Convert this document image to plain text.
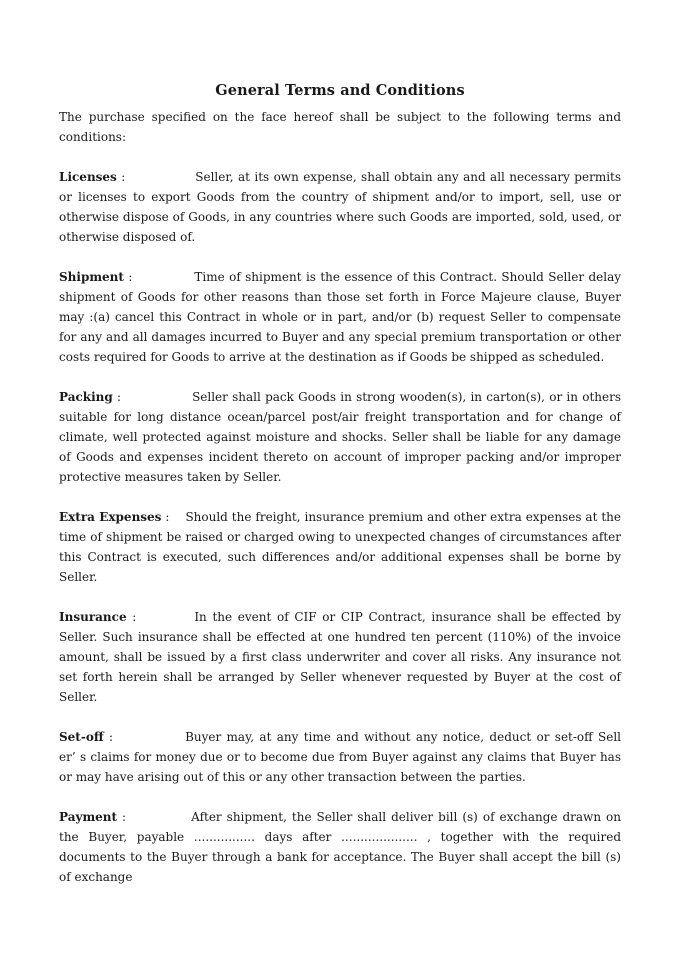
General Terms and Conditions

The purchase specified on the face hereof shall be subject to the following terms and conditions:

Licenses :	Seller, at its own expense, shall obtain any and all necessary permits or licenses to export Goods from the country of shipment and/or to import, sell, use or otherwise dispose of Goods, in any countries where such Goods are imported, sold, used, or otherwise disposed of.

Shipment :	Time of shipment is the essence of this Contract. Should Seller delay shipment of Goods for other reasons than those set forth in Force Majeure clause, Buyer may :(a) cancel this Contract in whole or in part, and/or (b) request Seller to compensate for any and all damages incurred to Buyer and any special premium transportation or other costs required for Goods to arrive at the destination as if Goods be shipped as scheduled.

Packing :	Seller shall pack Goods in strong wooden(s), in carton(s), or in others suitable for long distance ocean/parcel post/air freight transportation and for change of climate, well protected against moisture and shocks. Seller shall be liable for any damage of Goods and expenses incident thereto on account of improper packing and/or improper protective measures taken by Seller.

Extra Expenses : Should the freight, insurance premium and other extra expenses at the time of shipment be raised or charged owing to unexpected changes of circumstances after this Contract is executed, such differences and/or additional expenses shall be borne by Seller.

Insurance :	In the event of CIF or CIP Contract, insurance shall be effected by Seller. Such insurance shall be effected at one hundred ten percent (110%) of the invoice amount, shall be issued by a first class underwriter and cover all risks. Any insurance not set forth herein shall be arranged by Seller whenever requested by Buyer at the cost of Seller.

Set-off :	Buyer may, at any time and without any notice, deduct or set-off Sell er’ s claims for money due or to become due from Buyer against any claims that Buyer has or may have arising out of this or any other transaction between the parties.

Payment :	After shipment, the Seller shall deliver bill (s) of exchange drawn on the Buyer, payable ................ days after .................... , together with the required documents to the Buyer through a bank for acceptance. The Buyer shall accept the bill (s) of exchange
